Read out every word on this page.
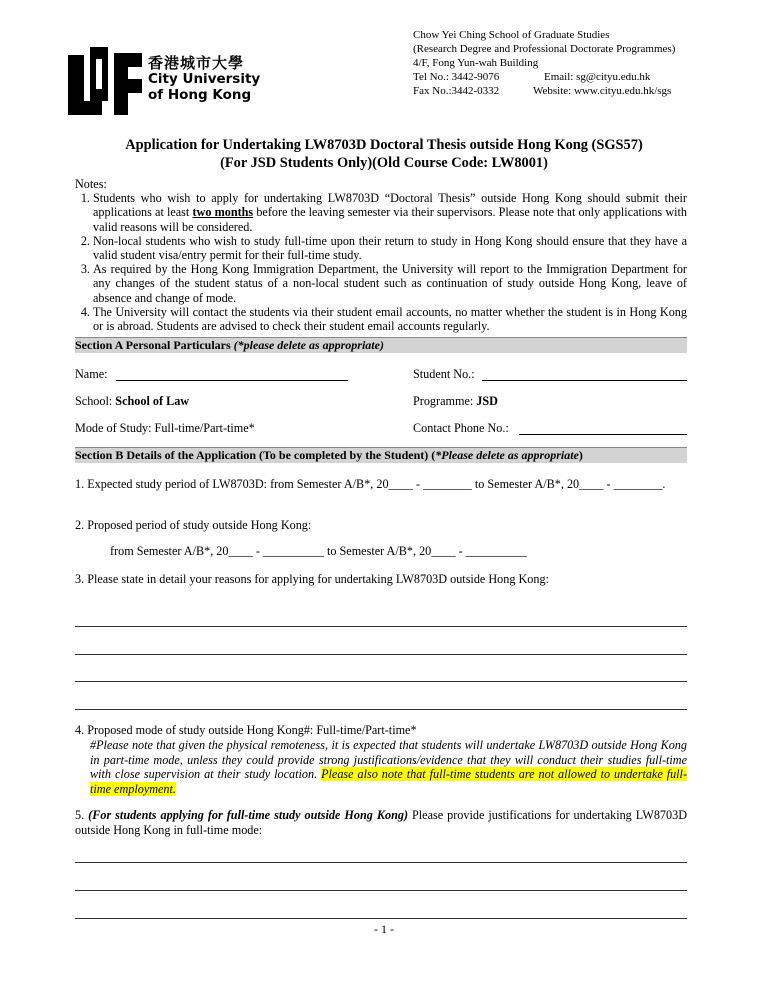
香港城市大學
City University
of Hong Kong
Chow Yei Ching School of Graduate Studies
(Research Degree and Professional Doctorate Programmes)
4/F, Fong Yun-wah Building
Tel No.: 3442-9076	Email: sg@cityu.edu.hk
Fax No.:3442-0332	Website: www.cityu.edu.hk/sgs
Application for Undertaking LW8703D Doctoral Thesis outside Hong Kong (SGS57)
(For JSD Students Only)(Old Course Code: LW8001)
Notes:
1. Students who wish to apply for undertaking LW8703D “Doctoral Thesis” outside Hong Kong should submit their applications at least two months before the leaving semester via their supervisors. Please note that only applications with valid reasons will be considered.
2. Non-local students who wish to study full-time upon their return to study in Hong Kong should ensure that they have a valid student visa/entry permit for their full-time study.
3. As required by the Hong Kong Immigration Department, the University will report to the Immigration Department for any changes of the student status of a non-local student such as continuation of study outside Hong Kong, leave of absence and change of mode.
4. The University will contact the students via their student email accounts, no matter whether the student is in Hong Kong or is abroad. Students are advised to check their student email accounts regularly.
Section A Personal Particulars (*please delete as appropriate)
Name:	Student No.:
School: School of Law	Programme: JSD
Mode of Study: Full-time/Part-time*	Contact Phone No.:
Section B Details of the Application (To be completed by the Student) (*Please delete as appropriate)
1. Expected study period of LW8703D: from Semester A/B*, 20____ - ________ to Semester A/B*, 20____ - ________.
2. Proposed period of study outside Hong Kong:
from Semester A/B*, 20____ - __________ to Semester A/B*, 20____ - __________
3. Please state in detail your reasons for applying for undertaking LW8703D outside Hong Kong:
4. Proposed mode of study outside Hong Kong#: Full-time/Part-time*
#Please note that given the physical remoteness, it is expected that students will undertake LW8703D outside Hong Kong in part-time mode, unless they could provide strong justifications/evidence that they will conduct their studies full-time with close supervision at their study location. Please also note that full-time students are not allowed to undertake full-time employment.
5. (For students applying for full-time study outside Hong Kong) Please provide justifications for undertaking LW8703D outside Hong Kong in full-time mode:
- 1 -
